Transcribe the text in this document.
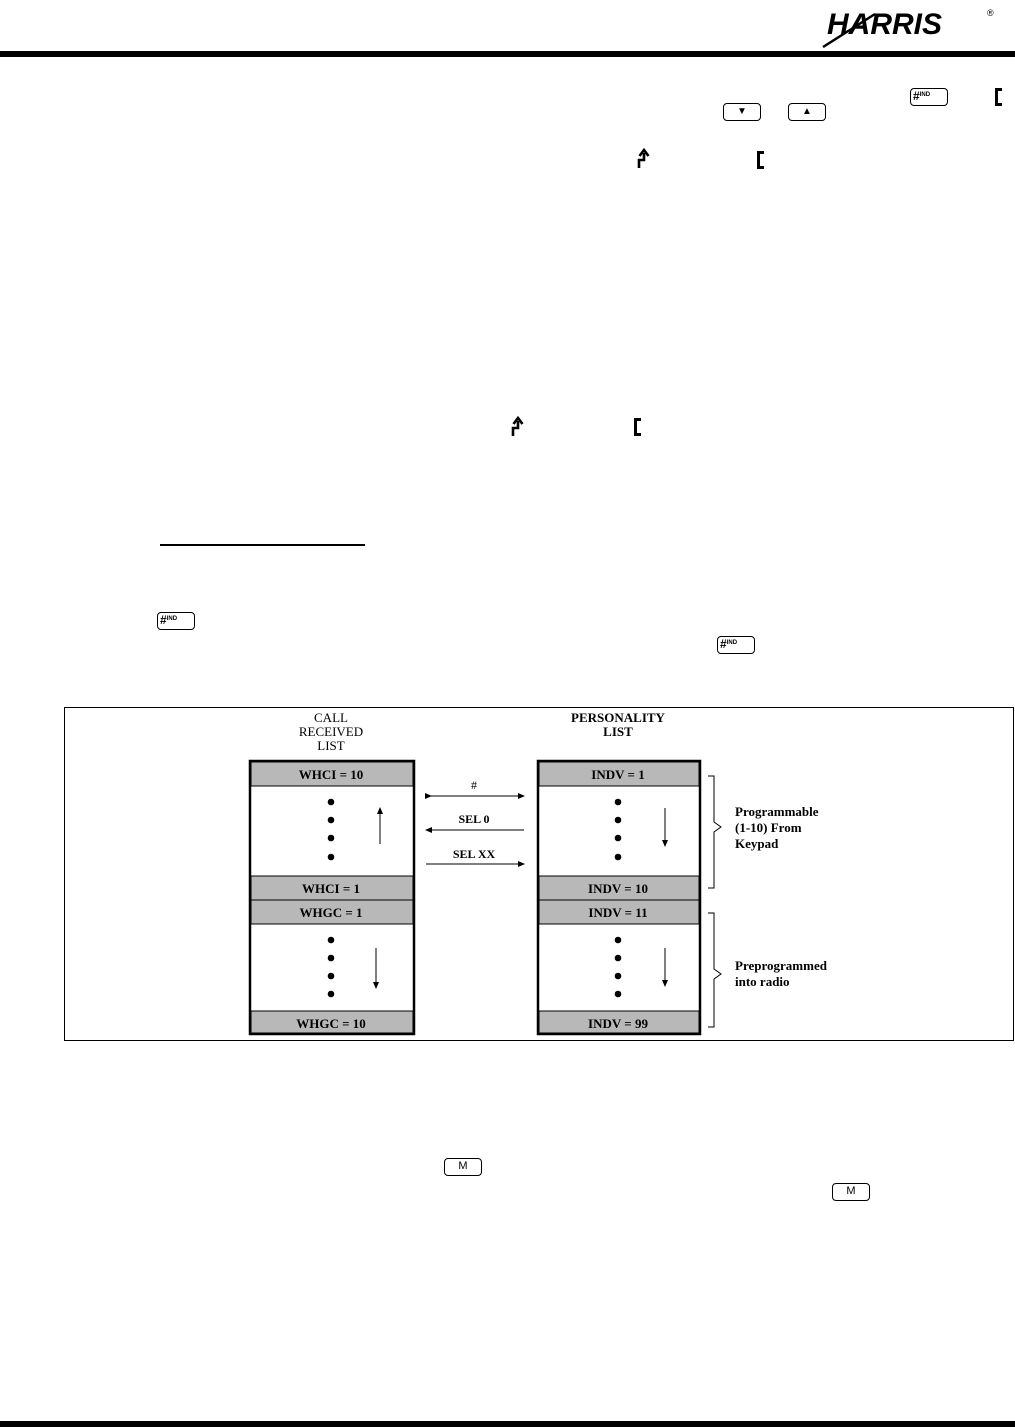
HARRIS	®
#$^{IND}$
▼	▲
#$^{IND}$
#$^{IND}$
CALL
RECEIVED
LIST
PERSONALITY
LIST
WHCI = 10
WHCI = 1
WHGC = 1
WHGC = 10
INDV = 1
INDV = 10
INDV = 11
INDV = 99
#
SEL 0
SEL XX
Programmable
(1-10) From
Keypad
Preprogrammed
into radio
M
M
